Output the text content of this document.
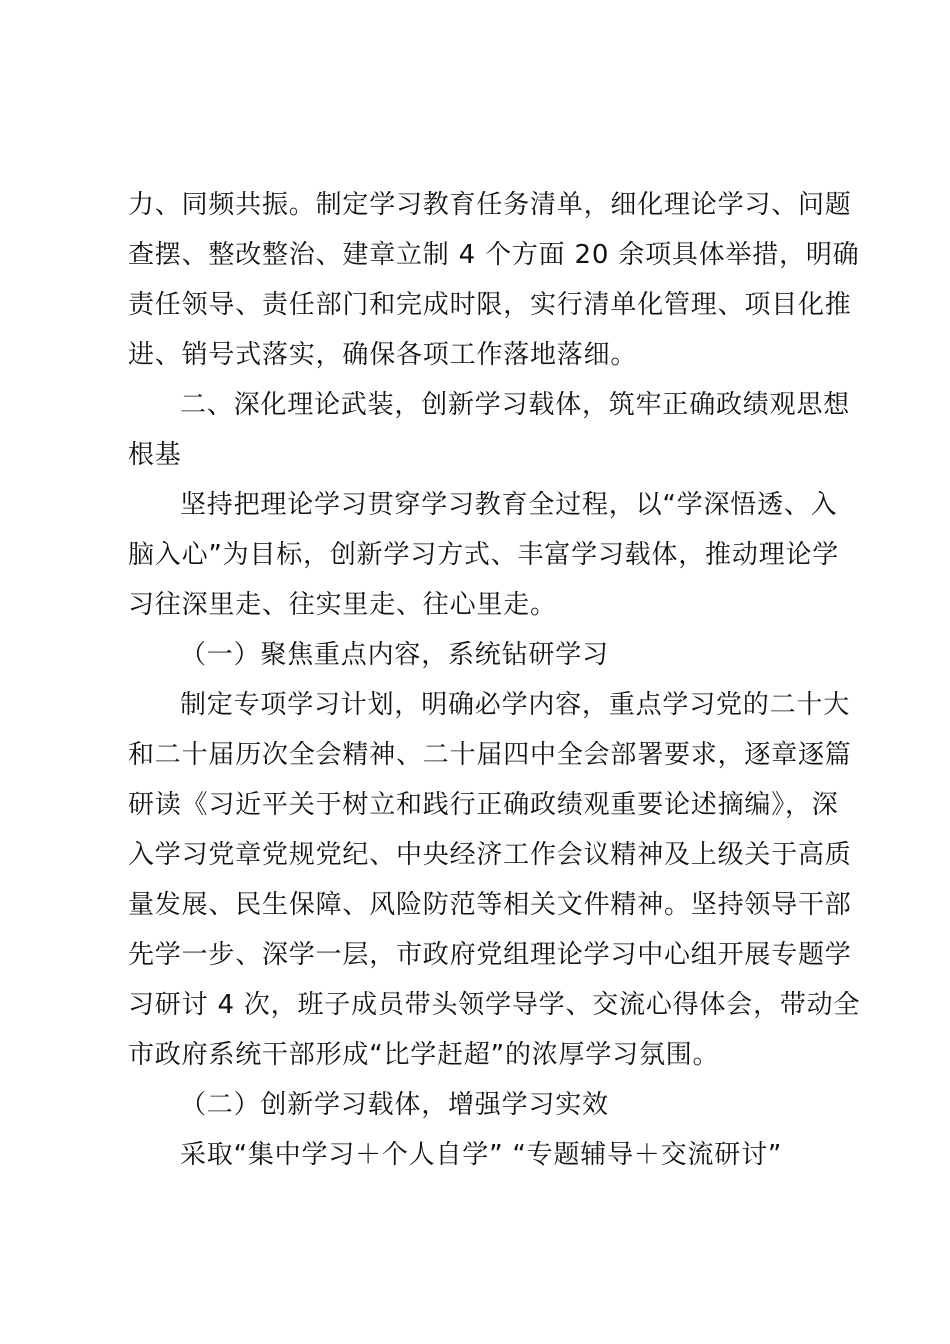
力、同频共振。制定学习教育任务清单，细化理论学习、问题
查摆、整改整治、建章立制 4 个方面 20 余项具体举措，明确
责任领导、责任部门和完成时限，实行清单化管理、项目化推
进、销号式落实，确保各项工作落地落细。
二、深化理论武装，创新学习载体，筑牢正确政绩观思想
根基
坚持把理论学习贯穿学习教育全过程，以“学深悟透、入
脑入心”为目标，创新学习方式、丰富学习载体，推动理论学
习往深里走、往实里走、往心里走。
（一）聚焦重点内容，系统钻研学习
制定专项学习计划，明确必学内容，重点学习党的二十大
和二十届历次全会精神、二十届四中全会部署要求，逐章逐篇
研读《习近平关于树立和践行正确政绩观重要论述摘编》，深
入学习党章党规党纪、中央经济工作会议精神及上级关于高质
量发展、民生保障、风险防范等相关文件精神。坚持领导干部
先学一步、深学一层，市政府党组理论学习中心组开展专题学
习研讨 4 次，班子成员带头领学导学、交流心得体会，带动全
市政府系统干部形成“比学赶超”的浓厚学习氛围。
（二）创新学习载体，增强学习实效
采取“集中学习＋个人自学” “专题辅导＋交流研讨”
